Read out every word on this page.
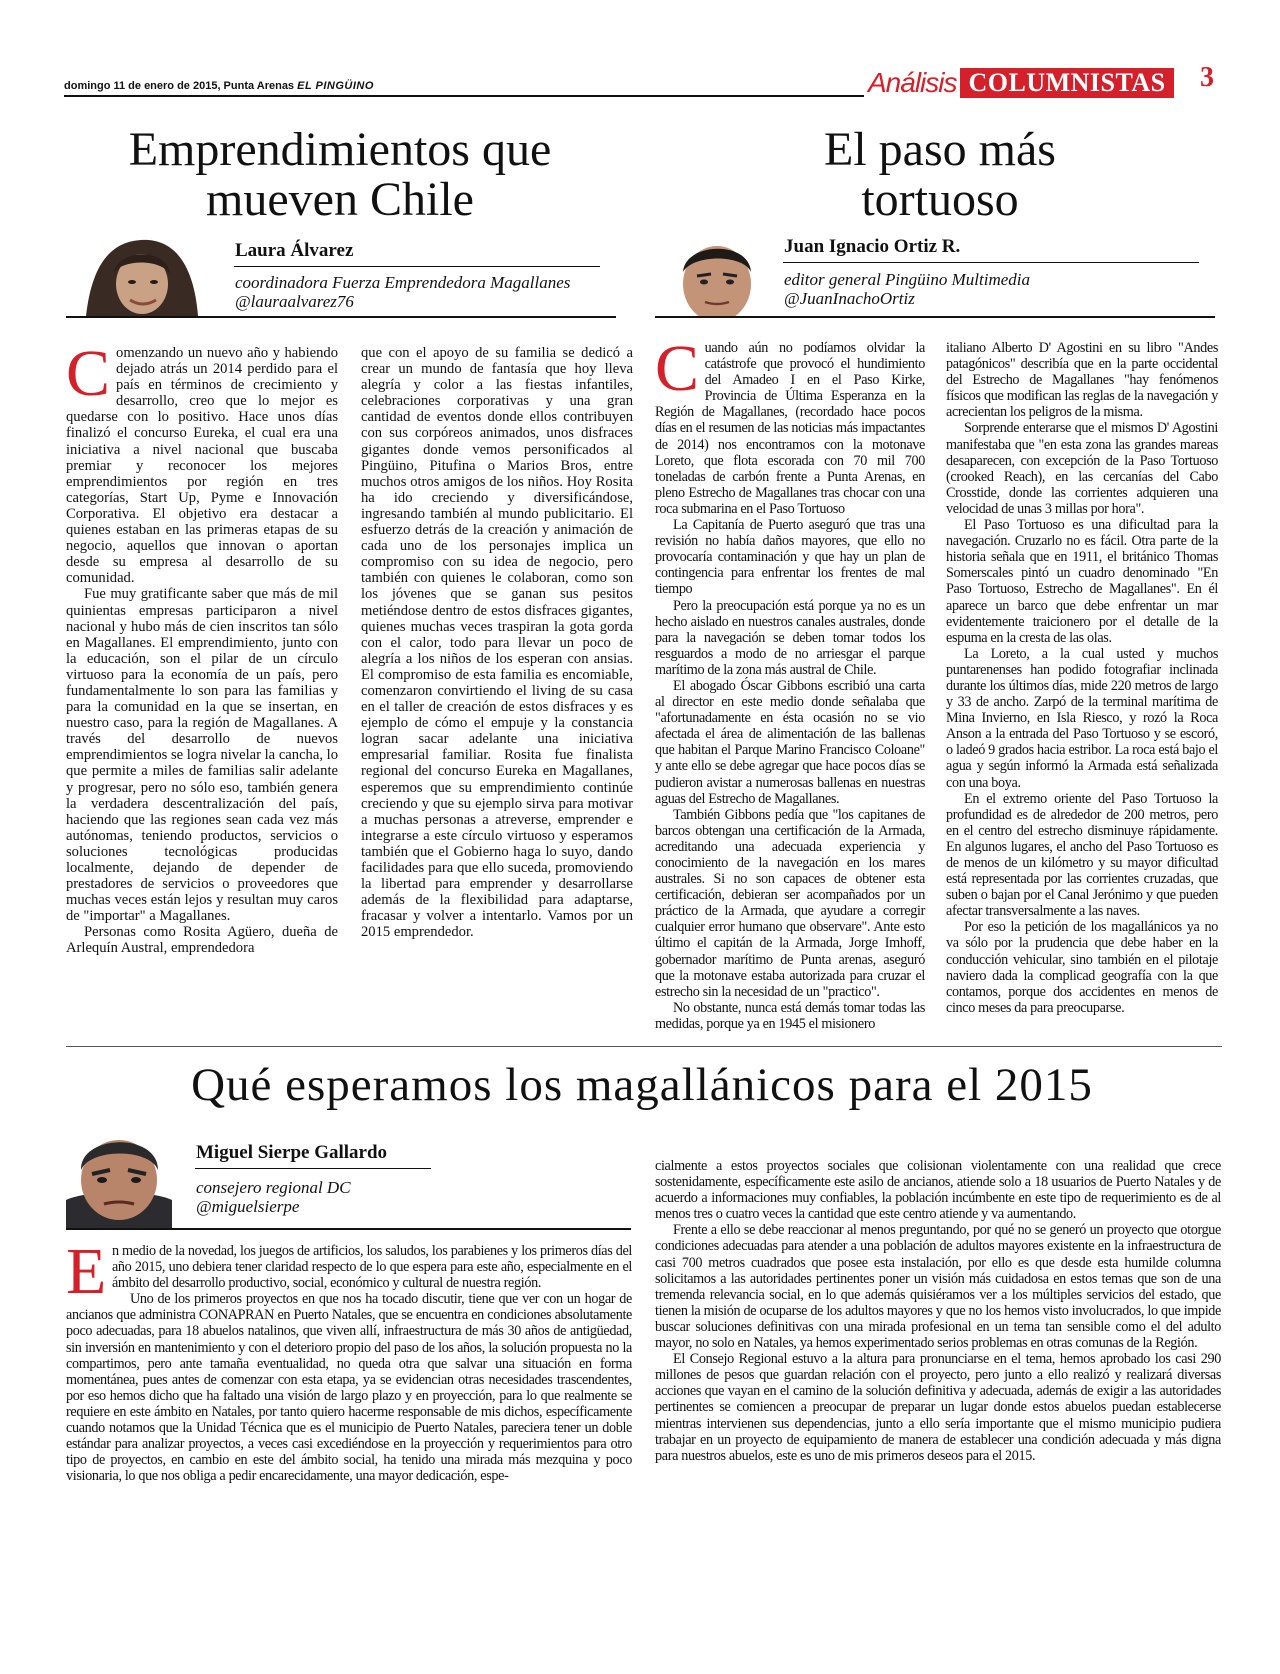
domingo 11 de enero de 2015, Punta Arenas EL PINGÜINO	Análisis COLUMNISTAS 3
Emprendimientos que
mueven Chile
Laura Álvarez
coordinadora Fuerza Emprendedora Magallanes
@lauraalvarez76

Comenzando un nuevo año y habiendo dejado atrás un 2014 perdido para el país en términos de crecimiento y desarrollo, creo que lo mejor es quedarse con lo positivo. Hace unos días finalizó el concurso Eureka, el cual era una iniciativa a nivel nacional que buscaba premiar y reconocer los mejores emprendimientos por región en tres categorías, Start Up, Pyme e Innovación Corporativa. El objetivo era destacar a quienes estaban en las primeras etapas de su negocio, aquellos que innovan o aportan desde su empresa al desarrollo de su comunidad.

Fue muy gratificante saber que más de mil quinientas empresas participaron a nivel nacional y hubo más de cien inscritos tan sólo en Magallanes. El emprendimiento, junto con la educación, son el pilar de un círculo virtuoso para la economía de un país, pero fundamentalmente lo son para las familias y para la comunidad en la que se insertan, en nuestro caso, para la región de Magallanes. A través del desarrollo de nuevos emprendimientos se logra nivelar la cancha, lo que permite a miles de familias salir adelante y progresar, pero no sólo eso, también genera la verdadera descentralización del país, haciendo que las regiones sean cada vez más autónomas, teniendo productos, servicios o soluciones tecnológicas producidas localmente, dejando de depender de prestadores de servicios o proveedores que muchas veces están lejos y resultan muy caros de "importar" a Magallanes.

Personas como Rosita Agüero, dueña de Arlequín Austral, emprendedora

que con el apoyo de su familia se dedicó a crear un mundo de fantasía que hoy lleva alegría y color a las fiestas infantiles, celebraciones corporativas y una gran cantidad de eventos donde ellos contribuyen con sus corpóreos animados, unos disfraces gigantes donde vemos personificados al Pingüino, Pitufina o Marios Bros, entre muchos otros amigos de los niños. Hoy Rosita ha ido creciendo y diversificándose, ingresando también al mundo publicitario. El esfuerzo detrás de la creación y animación de cada uno de los personajes implica un compromiso con su idea de negocio, pero también con quienes le colaboran, como son los jóvenes que se ganan sus pesitos metiéndose dentro de estos disfraces gigantes, quienes muchas veces traspiran la gota gorda con el calor, todo para llevar un poco de alegría a los niños de los esperan con ansias. El compromiso de esta familia es encomiable, comenzaron convirtiendo el living de su casa en el taller de creación de estos disfraces y es ejemplo de cómo el empuje y la constancia logran sacar adelante una iniciativa empresarial familiar. Rosita fue finalista regional del concurso Eureka en Magallanes, esperemos que su emprendimiento continúe creciendo y que su ejemplo sirva para motivar a muchas personas a atreverse, emprender e integrarse a este círculo virtuoso y esperamos también que el Gobierno haga lo suyo, dando facilidades para que ello suceda, promoviendo la libertad para emprender y desarrollarse además de la flexibilidad para adaptarse, fracasar y volver a intentarlo. Vamos por un 2015 emprendedor.

El paso más
tortuoso
Juan Ignacio Ortiz R.
editor general Pingüino Multimedia
@JuanInachoOrtiz

Cuando aún no podíamos olvidar la catástrofe que provocó el hundimiento del Amadeo I en el Paso Kirke, Provincia de Última Esperanza en la Región de Magallanes, (recordado hace pocos días en el resumen de las noticias más impactantes de 2014) nos encontramos con la motonave Loreto, que flota escorada con 70 mil 700 toneladas de carbón frente a Punta Arenas, en pleno Estrecho de Magallanes tras chocar con una roca submarina en el Paso Tortuoso

La Capitanía de Puerto aseguró que tras una revisión no había daños mayores, que ello no provocaría contaminación y que hay un plan de contingencia para enfrentar los frentes de mal tiempo

Pero la preocupación está porque ya no es un hecho aislado en nuestros canales australes, donde para la navegación se deben tomar todos los resguardos a modo de no arriesgar el parque marítimo de la zona más austral de Chile.

El abogado Óscar Gibbons escribió una carta al director en este medio donde señalaba que "afortunadamente en ésta ocasión no se vio afectada el área de alimentación de las ballenas que habitan el Parque Marino Francisco Coloane" y ante ello se debe agregar que hace pocos días se pudieron avistar a numerosas ballenas en nuestras aguas del Estrecho de Magallanes.

También Gibbons pedía que "los capitanes de barcos obtengan una certificación de la Armada, acreditando una adecuada experiencia y conocimiento de la navegación en los mares australes. Si no son capaces de obtener esta certificación, debieran ser acompañados por un práctico de la Armada, que ayudare a corregir cualquier error humano que observare". Ante esto último el capitán de la Armada, Jorge Imhoff, gobernador marítimo de Punta arenas, aseguró que la motonave estaba autorizada para cruzar el estrecho sin la necesidad de un "practico".

No obstante, nunca está demás tomar todas las medidas, porque ya en 1945 el misionero

italiano Alberto D' Agostini en su libro "Andes patagónicos" describía que en la parte occidental del Estrecho de Magallanes "hay fenómenos físicos que modifican las reglas de la navegación y acrecientan los peligros de la misma.

Sorprende enterarse que el mismos D' Agostini manifestaba que "en esta zona las grandes mareas desaparecen, con excepción de la Paso Tortuoso (crooked Reach), en las cercanías del Cabo Crosstide, donde las corrientes adquieren una velocidad de unas 3 millas por hora".

El Paso Tortuoso es una dificultad para la navegación. Cruzarlo no es fácil. Otra parte de la historia señala que en 1911, el británico Thomas Somerscales pintó un cuadro denominado "En Paso Tortuoso, Estrecho de Magallanes". En él aparece un barco que debe enfrentar un mar evidentemente traicionero por el detalle de la espuma en la cresta de las olas.

La Loreto, a la cual usted y muchos puntarenenses han podido fotografiar inclinada durante los últimos días, mide 220 metros de largo y 33 de ancho. Zarpó de la terminal marítima de Mina Invierno, en Isla Riesco, y rozó la Roca Anson a la entrada del Paso Tortuoso y se escoró, o ladeó 9 grados hacia estribor. La roca está bajo el agua y según informó la Armada está señalizada con una boya.

En el extremo oriente del Paso Tortuoso la profundidad es de alrededor de 200 metros, pero en el centro del estrecho disminuye rápidamente. En algunos lugares, el ancho del Paso Tortuoso es de menos de un kilómetro y su mayor dificultad está representada por las corrientes cruzadas, que suben o bajan por el Canal Jerónimo y que pueden afectar transversalmente a las naves.

Por eso la petición de los magallánicos ya no va sólo por la prudencia que debe haber en la conducción vehicular, sino también en el pilotaje naviero dada la complicad geografía con la que contamos, porque dos accidentes en menos de cinco meses da para preocuparse.

Qué esperamos los magallánicos para el 2015
Miguel Sierpe Gallardo
consejero regional DC
@miguelsierpe

En medio de la novedad, los juegos de artificios, los saludos, los parabienes y los primeros días del año 2015, uno debiera tener claridad respecto de lo que espera para este año, especialmente en el ámbito del desarrollo productivo, social, económico y cultural de nuestra región.

Uno de los primeros proyectos en que nos ha tocado discutir, tiene que ver con un hogar de ancianos que administra CONAPRAN en Puerto Natales, que se encuentra en condiciones absolutamente poco adecuadas, para 18 abuelos natalinos, que viven allí, infraestructura de más 30 años de antigüedad, sin inversión en mantenimiento y con el deterioro propio del paso de los años, la solución propuesta no la compartimos, pero ante tamaña eventualidad, no queda otra que salvar una situación en forma momentánea, pues antes de comenzar con esta etapa, ya se evidencian otras necesidades trascendentes, por eso hemos dicho que ha faltado una visión de largo plazo y en proyección, para lo que realmente se requiere en este ámbito en Natales, por tanto quiero hacerme responsable de mis dichos, específicamente cuando notamos que la Unidad Técnica que es el municipio de Puerto Natales, pareciera tener un doble estándar para analizar proyectos, a veces casi excediéndose en la proyección y requerimientos para otro tipo de proyectos, en cambio en este del ámbito social, ha tenido una mirada más mezquina y poco visionaria, lo que nos obliga a pedir encarecidamente, una mayor dedicación, espe-

cialmente a estos proyectos sociales que colisionan violentamente con una realidad que crece sostenidamente, específicamente este asilo de ancianos, atiende solo a 18 usuarios de Puerto Natales y de acuerdo a informaciones muy confiables, la población incúmbente en este tipo de requerimiento es de al menos tres o cuatro veces la cantidad que este centro atiende y va aumentando.

Frente a ello se debe reaccionar al menos preguntando, por qué no se generó un proyecto que otorgue condiciones adecuadas para atender a una población de adultos mayores existente en la infraestructura de casi 700 metros cuadrados que posee esta instalación, por ello es que desde esta humilde columna solicitamos a las autoridades pertinentes poner un visión más cuidadosa en estos temas que son de una tremenda relevancia social, en lo que además quisiéramos ver a los múltiples servicios del estado, que tienen la misión de ocuparse de los adultos mayores y que no los hemos visto involucrados, lo que impide buscar soluciones definitivas con una mirada profesional en un tema tan sensible como el del adulto mayor, no solo en Natales, ya hemos experimentado serios problemas en otras comunas de la Región.

El Consejo Regional estuvo a la altura para pronunciarse en el tema, hemos aprobado los casi 290 millones de pesos que guardan relación con el proyecto, pero junto a ello realizó y realizará diversas acciones que vayan en el camino de la solución definitiva y adecuada, además de exigir a las autoridades pertinentes se comiencen a preocupar de preparar un lugar donde estos abuelos puedan establecerse mientras intervienen sus dependencias, junto a ello sería importante que el mismo municipio pudiera trabajar en un proyecto de equipamiento de manera de establecer una condición adecuada y más digna para nuestros abuelos, este es uno de mis primeros deseos para el 2015.
